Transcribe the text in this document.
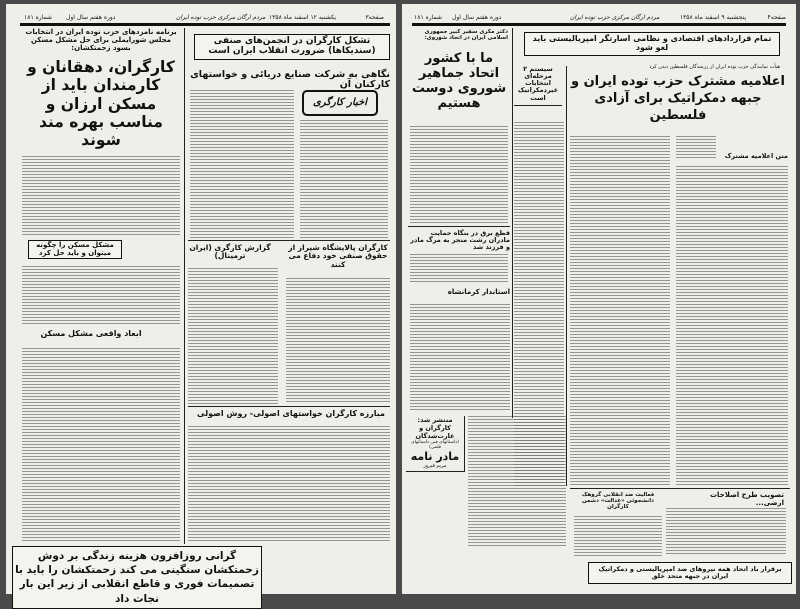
صفحه۳
یکشنبه ۱۲ اسفند ماه ۱۳۵۸
مردم ارگان مرکزی حزب توده ایران
دوره هفتم سال اول
شماره ۱۸۱
برنامه نامزدهای حزب توده ایران در انتخابات مجلس شورایملی برای حل مشکل مسکن بسود زحمتکشان:
کارگران، دهقانان و کارمندان باید از مسکن ارزان و مناسب بهره مند شوند
مشکل مسکن را چگونه میتوان و باید حل کرد
ابعاد واقعی مشکل مسکن
تشکل کارگران در انجمن‌های صنفی (سندیکاها) ضرورت انقلاب ایران است
نگاهی به شرکت صنایع دریائی و خواستهای کارکنان آن
اخبار کارگری
گزارش کارگری (ایران ترمینال)
کارگران پالایشگاه شیراز از حقوق صنفی خود دفاع می کنند
مبارزه کارگران خواستهای اصولی- روش اصولی
گرانی روزافزون هزینه زندگی بر دوش زحمتکشان سنگینی می کند زحمتکشان را باید با تصمیمات فوری و قاطع انقلابی از زیر این بار نجات داد
صفحه۴
پنجشنبه ۹ اسفند ماه ۱۳۵۸
مردم ارگان مرکزی حزب توده ایران
دوره هفتم سال اول
شماره ۱۸۱
دکتر مکری سفیر کبیر جمهوری اسلامی ایران در اتحاد شوروی:
ما با کشور اتحاد جماهیر شوروی دوست هستیم
قطع برق در بنگاه حمایت مادران رشت منجر به مرگ مادر و فرزند شد
استاندار کرمانشاه
منتشر شد: کارگران و غارت‌شدگان
(داستانهای فنی داستانهای قلمی)
مادر نامه
مریم فیروز
تمام قراردادهای اقتصادی و نظامی اسارتگر امپریالیستی باید لغو شود
هیأت نمایندگی حزب توده ایران از رزمندگان فلسطین دیدن کرد
سیستم ۲ مرحله‌ای انتخابات غیردمکراتیک است
اعلامیه مشترک حزب توده ایران و جبهه دمکراتیک برای آزادی فلسطین
متن اعلامیه مشترک
فعالیت ضد انقلابی گروهک دانشجوئی «عدالت» دشمن کارگران
تصویب طرح اصلاحات ارضی...
برقرار باد اتحاد همه نیروهای ضد امپریالیستی و دمکراتیک ایران در جبهه متحد خلق
